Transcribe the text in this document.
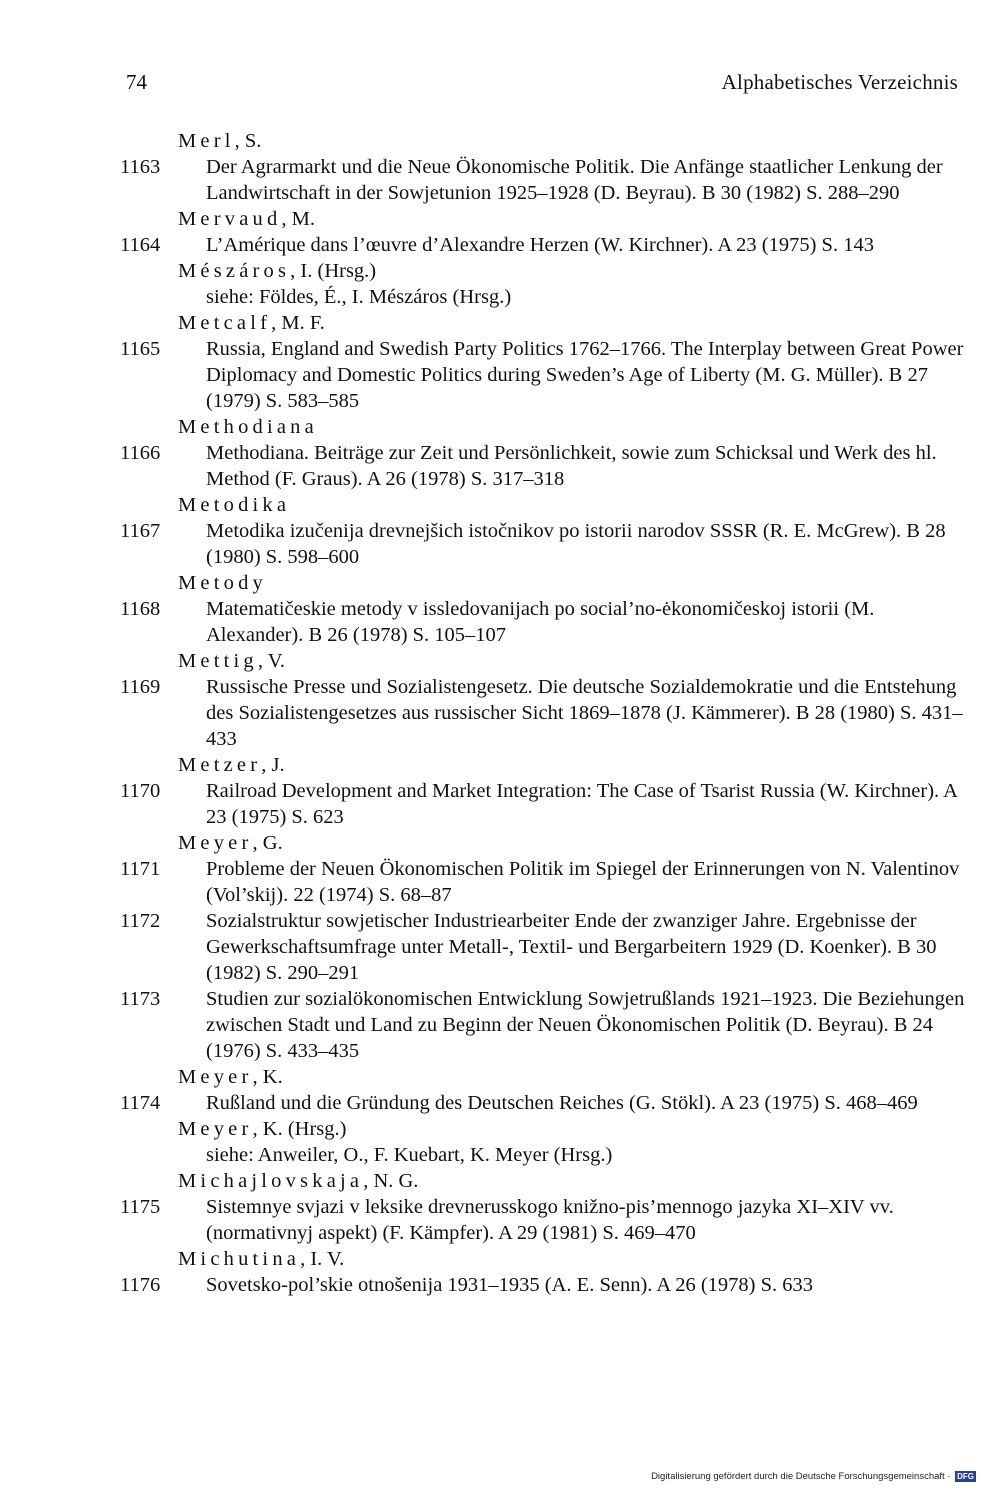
74	Alphabetisches Verzeichnis
Merl, S.
1163	Der Agrarmarkt und die Neue Ökonomische Politik. Die Anfänge staatlicher Lenkung der Landwirtschaft in der Sowjetunion 1925–1928 (D. Beyrau). B 30 (1982) S. 288–290
Mervaud, M.
1164	L’Amérique dans l’œuvre d’Alexandre Herzen (W. Kirchner). A 23 (1975) S. 143
Mészáros, I. (Hrsg.)
siehe: Földes, É., I. Mészáros (Hrsg.)
Metcalf, M. F.
1165	Russia, England and Swedish Party Politics 1762–1766. The Interplay between Great Power Diplomacy and Domestic Politics during Sweden’s Age of Liberty (M. G. Müller). B 27 (1979) S. 583–585
Methodiana
1166	Methodiana. Beiträge zur Zeit und Persönlichkeit, sowie zum Schicksal und Werk des hl. Method (F. Graus). A 26 (1978) S. 317–318
Metodika
1167	Metodika izučenija drevnejšich istočnikov po istorii narodov SSSR (R. E. McGrew). B 28 (1980) S. 598–600
Metody
1168	Matematičeskie metody v issledovanijach po social’no-ėkonomičeskoj istorii (M. Alexander). B 26 (1978) S. 105–107
Mettig, V.
1169	Russische Presse und Sozialistengesetz. Die deutsche Sozialdemokratie und die Entstehung des Sozialistengesetzes aus russischer Sicht 1869–1878 (J. Kämmerer). B 28 (1980) S. 431–433
Metzer, J.
1170	Railroad Development and Market Integration: The Case of Tsarist Russia (W. Kirchner). A 23 (1975) S. 623
Meyer, G.
1171	Probleme der Neuen Ökonomischen Politik im Spiegel der Erinnerungen von N. Valentinov (Vol’skij). 22 (1974) S. 68–87
1172	Sozialstruktur sowjetischer Industriearbeiter Ende der zwanziger Jahre. Ergebnisse der Gewerkschaftsumfrage unter Metall-, Textil- und Bergarbeitern 1929 (D. Koenker). B 30 (1982) S. 290–291
1173	Studien zur sozialökonomischen Entwicklung Sowjetrußlands 1921–1923. Die Beziehungen zwischen Stadt und Land zu Beginn der Neuen Ökonomischen Politik (D. Beyrau). B 24 (1976) S. 433–435
Meyer, K.
1174	Rußland und die Gründung des Deutschen Reiches (G. Stökl). A 23 (1975) S. 468–469
Meyer, K. (Hrsg.)
siehe: Anweiler, O., F. Kuebart, K. Meyer (Hrsg.)
Michajlovskaja, N. G.
1175	Sistemnye svjazi v leksike drevnerusskogo knižno-pis’mennogo jazyka XI–XIV vv. (normativnyj aspekt) (F. Kämpfer). A 29 (1981) S. 469–470
Michutina, I. V.
1176	Sovetsko-pol’skie otnošenija 1931–1935 (A. E. Senn). A 26 (1978) S. 633
Digitalisierung gefördert durch die Deutsche Forschungsgemeinschaft · DFG
